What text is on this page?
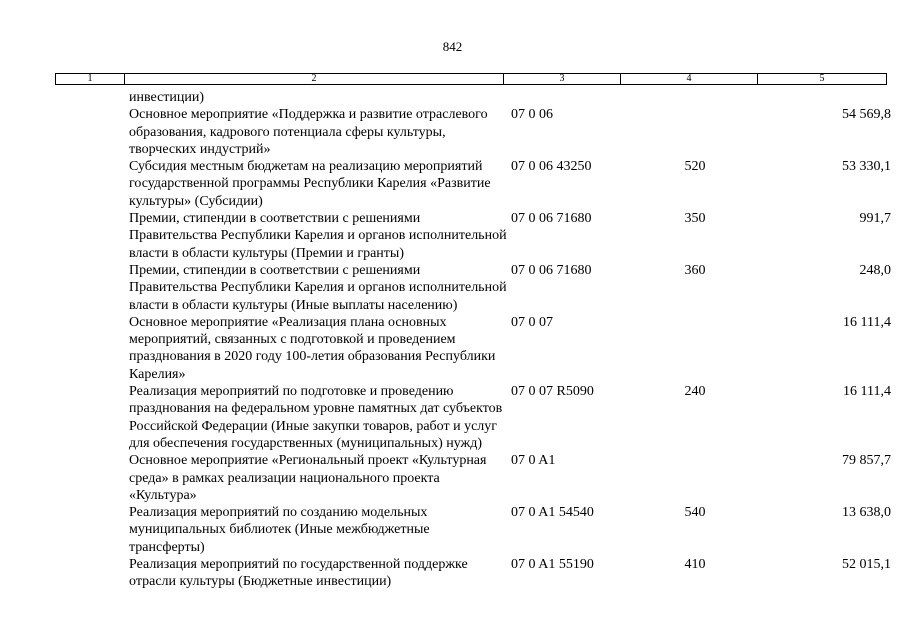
842
1	2	3	4	5
	инвестиции)			
	Основное мероприятие «Поддержка и развитие отраслевого образования, кадрового потенциала сферы культуры, творческих индустрий»	07 0 06		54 569,8
	Субсидия местным бюджетам на реализацию мероприятий государственной программы Республики Карелия «Развитие культуры» (Субсидии)	07 0 06 43250	520	53 330,1
	Премии, стипендии в соответствии с решениями Правительства Республики Карелия и органов исполнительной власти в области культуры (Премии и гранты)	07 0 06 71680	350	991,7
	Премии, стипендии в соответствии с решениями Правительства Республики Карелия и органов исполнительной власти в области культуры (Иные выплаты населению)	07 0 06 71680	360	248,0
	Основное мероприятие «Реализация плана основных мероприятий, связанных с подготовкой и проведением празднования в 2020 году 100-летия образования Республики Карелия»	07 0 07		16 111,4
	Реализация мероприятий по подготовке и проведению празднования на федеральном уровне памятных дат субъектов Российской Федерации (Иные закупки товаров, работ и услуг для обеспечения государственных (муниципальных) нужд)	07 0 07 R5090	240	16 111,4
	Основное мероприятие «Региональный проект «Культурная среда» в рамках реализации национального проекта «Культура»	07 0 A1		79 857,7
	Реализация мероприятий по созданию модельных муниципальных библиотек (Иные межбюджетные трансферты)	07 0 A1 54540	540	13 638,0
	Реализация мероприятий по государственной поддержке отрасли культуры (Бюджетные инвестиции)	07 0 A1 55190	410	52 015,1
